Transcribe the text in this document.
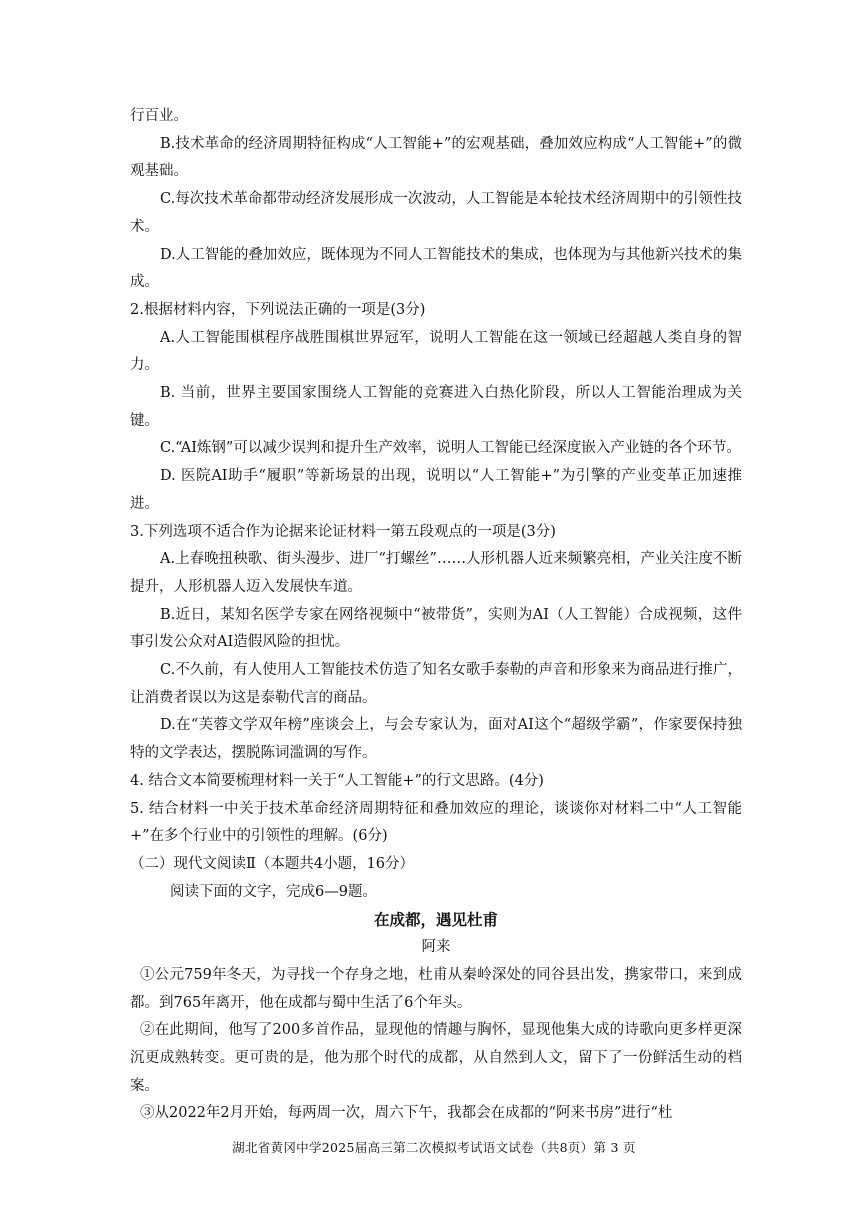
行百业。

B.技术革命的经济周期特征构成“人工智能+”的宏观基础，叠加效应构成“人工智能+”的微观基础。

C.每次技术革命都带动经济发展形成一次波动，人工智能是本轮技术经济周期中的引领性技术。

D.人工智能的叠加效应，既体现为不同人工智能技术的集成，也体现为与其他新兴技术的集成。

2.根据材料内容，下列说法正确的一项是(3分)

A.人工智能围棋程序战胜围棋世界冠军，说明人工智能在这一领域已经超越人类自身的智力。

B. 当前，世界主要国家围绕人工智能的竞赛进入白热化阶段，所以人工智能治理成为关键。

C.“AI炼钢”可以减少误判和提升生产效率，说明人工智能已经深度嵌入产业链的各个环节。

D. 医院AI助手“履职”等新场景的出现，说明以“人工智能+”为引擎的产业变革正加速推进。

3.下列选项不适合作为论据来论证材料一第五段观点的一项是(3分)

A.上春晚扭秧歌、街头漫步、进厂“打螺丝”……人形机器人近来频繁亮相，产业关注度不断提升，人形机器人迈入发展快车道。

B.近日，某知名医学专家在网络视频中“被带货”，实则为AI（人工智能）合成视频，这件事引发公众对AI造假风险的担忧。

C.不久前，有人使用人工智能技术仿造了知名女歌手泰勒的声音和形象来为商品进行推广，让消费者误以为这是泰勒代言的商品。

D.在“芙蓉文学双年榜”座谈会上，与会专家认为，面对AI这个“超级学霸”，作家要保持独特的文学表达，摆脱陈词滥调的写作。

4. 结合文本简要梳理材料一关于“人工智能+”的行文思路。(4分)

5. 结合材料一中关于技术革命经济周期特征和叠加效应的理论，谈谈你对材料二中“人工智能+”在多个行业中的引领性的理解。(6分)

（二）现代文阅读Ⅱ（本题共4小题，16分）

阅读下面的文字，完成6—9题。

在成都，遇见杜甫

阿来

①公元759年冬天，为寻找一个存身之地，杜甫从秦岭深处的同谷县出发，携家带口，来到成都。到765年离开，他在成都与蜀中生活了6个年头。

②在此期间，他写了200多首作品，显现他的情趣与胸怀，显现他集大成的诗歌向更多样更深沉更成熟转变。更可贵的是，他为那个时代的成都，从自然到人文，留下了一份鲜活生动的档案。

③从2022年2月开始，每两周一次，周六下午，我都会在成都的“阿来书房”进行“杜

湖北省黄冈中学2025届高三第二次模拟考试语文试卷（共8页）第 3 页
